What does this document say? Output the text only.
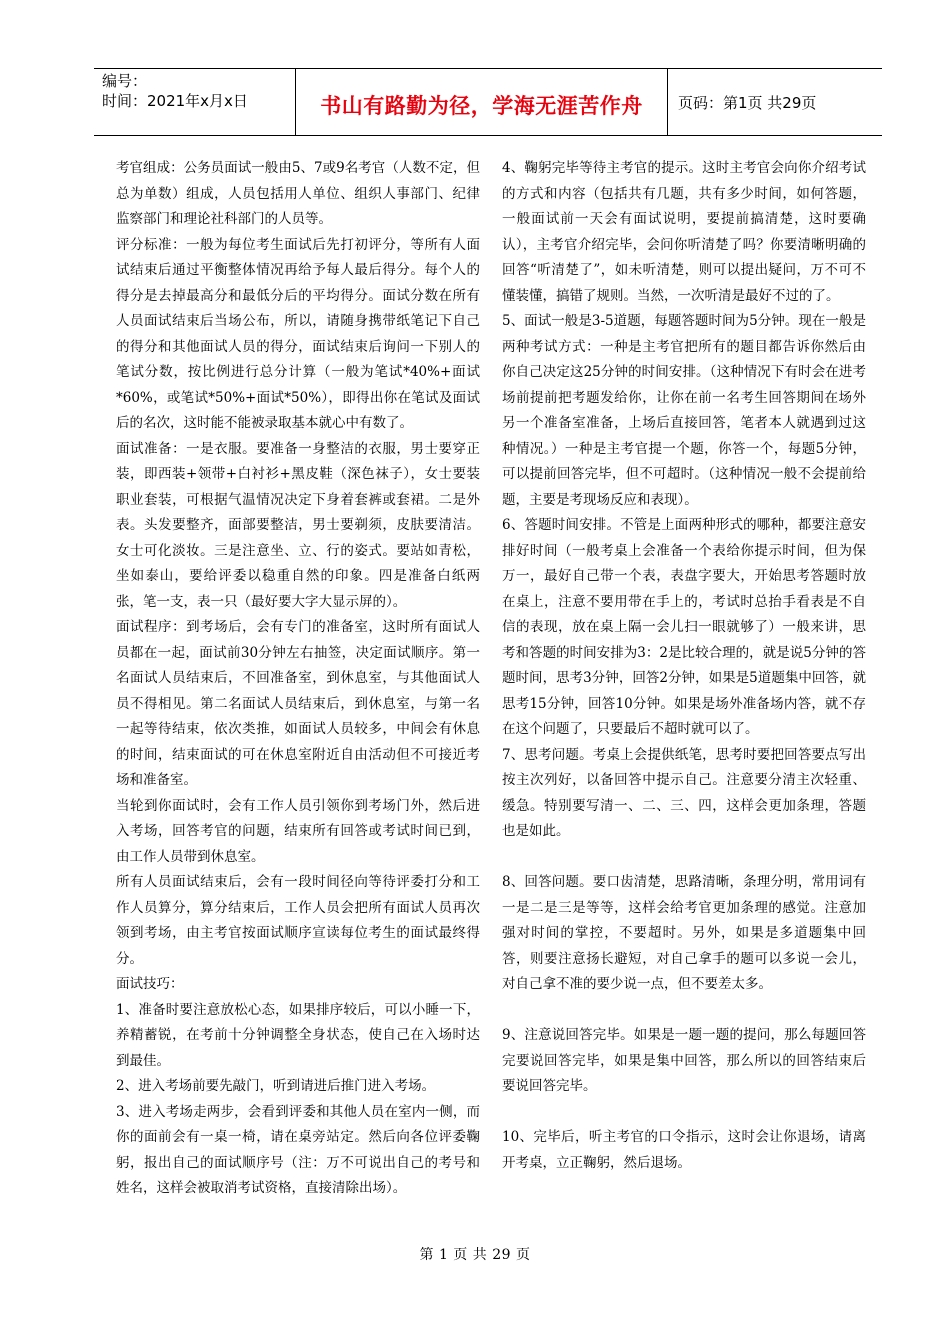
编号：
时间：2021年x月x日	书山有路勤为径，学海无涯苦作舟	页码：第1页 共29页

考官组成：公务员面试一般由5、7或9名考官（人数不定，但总为单数）组成，人员包括用人单位、组织人事部门、纪律监察部门和理论社科部门的人员等。

评分标准：一般为每位考生面试后先打初评分，等所有人面试结束后通过平衡整体情况再给予每人最后得分。每个人的得分是去掉最高分和最低分后的平均得分。面试分数在所有人员面试结束后当场公布，所以，请随身携带纸笔记下自己的得分和其他面试人员的得分，面试结束后询问一下别人的笔试分数，按比例进行总分计算（一般为笔试*40%+面试*60%，或笔试*50%+面试*50%），即得出你在笔试及面试后的名次，这时能不能被录取基本就心中有数了。

面试准备：一是衣服。要准备一身整洁的衣服，男士要穿正装，即西装+领带+白衬衫+黑皮鞋（深色袜子），女士要装职业套装，可根据气温情况决定下身着套裤或套裙。二是外表。头发要整齐，面部要整洁，男士要剃须，皮肤要清洁。女士可化淡妆。三是注意坐、立、行的姿式。要站如青松，坐如泰山，要给评委以稳重自然的印象。四是准备白纸两张，笔一支，表一只（最好要大字大显示屏的）。

面试程序：到考场后，会有专门的准备室，这时所有面试人员都在一起，面试前30分钟左右抽签，决定面试顺序。第一名面试人员结束后，不回准备室，到休息室，与其他面试人员不得相见。第二名面试人员结束后，到休息室，与第一名一起等待结束，依次类推，如面试人员较多，中间会有休息的时间，结束面试的可在休息室附近自由活动但不可接近考场和准备室。

当轮到你面试时，会有工作人员引领你到考场门外，然后进入考场，回答考官的问题，结束所有回答或考试时间已到，由工作人员带到休息室。

所有人员面试结束后，会有一段时间径向等待评委打分和工作人员算分，算分结束后，工作人员会把所有面试人员再次领到考场，由主考官按面试顺序宣读每位考生的面试最终得分。

面试技巧：

1、准备时要注意放松心态，如果排序较后，可以小睡一下，养精蓄锐，在考前十分钟调整全身状态，使自己在入场时达到最佳。

2、进入考场前要先敲门，听到请进后推门进入考场。

3、进入考场走两步，会看到评委和其他人员在室内一侧，而你的面前会有一桌一椅，请在桌旁站定。然后向各位评委鞠躬，报出自己的面试顺序号（注：万不可说出自己的考号和姓名，这样会被取消考试资格，直接清除出场）。

4、鞠躬完毕等待主考官的提示。这时主考官会向你介绍考试的方式和内容（包括共有几题，共有多少时间，如何答题，一般面试前一天会有面试说明，要提前搞清楚，这时要确认），主考官介绍完毕，会问你听清楚了吗？你要清晰明确的回答“听清楚了”，如未听清楚，则可以提出疑问，万不可不懂装懂，搞错了规则。当然，一次听清是最好不过的了。

5、面试一般是3-5道题，每题答题时间为5分钟。现在一般是两种考试方式：一种是主考官把所有的题目都告诉你然后由你自己决定这25分钟的时间安排。（这种情况下有时会在进考场前提前把考题发给你，让你在前一名考生回答期间在场外另一个准备室准备，上场后直接回答，笔者本人就遇到过这种情况。）一种是主考官提一个题，你答一个，每题5分钟，可以提前回答完毕，但不可超时。（这种情况一般不会提前给题，主要是考现场反应和表现）。

6、答题时间安排。不管是上面两种形式的哪种，都要注意安排好时间（一般考桌上会准备一个表给你提示时间，但为保万一，最好自己带一个表，表盘字要大，开始思考答题时放在桌上，注意不要用带在手上的，考试时总抬手看表是不自信的表现，放在桌上隔一会儿扫一眼就够了）一般来讲，思考和答题的时间安排为3：2是比较合理的，就是说5分钟的答题时间，思考3分钟，回答2分钟，如果是5道题集中回答，就思考15分钟，回答10分钟。如果是场外准备场内答，就不存在这个问题了，只要最后不超时就可以了。

7、思考问题。考桌上会提供纸笔，思考时要把回答要点写出按主次列好，以备回答中提示自己。注意要分清主次轻重、缓急。特别要写清一、二、三、四，这样会更加条理，答题也是如此。

8、回答问题。要口齿清楚，思路清晰，条理分明，常用词有一是二是三是等等，这样会给考官更加条理的感觉。注意加强对时间的掌控，不要超时。另外，如果是多道题集中回答，则要注意扬长避短，对自己拿手的题可以多说一会儿，对自己拿不准的要少说一点，但不要差太多。

9、注意说回答完毕。如果是一题一题的提问，那么每题回答完要说回答完毕，如果是集中回答，那么所以的回答结束后要说回答完毕。

10、完毕后，听主考官的口令指示，这时会让你退场，请离开考桌，立正鞠躬，然后退场。

第 1 页 共 29 页
